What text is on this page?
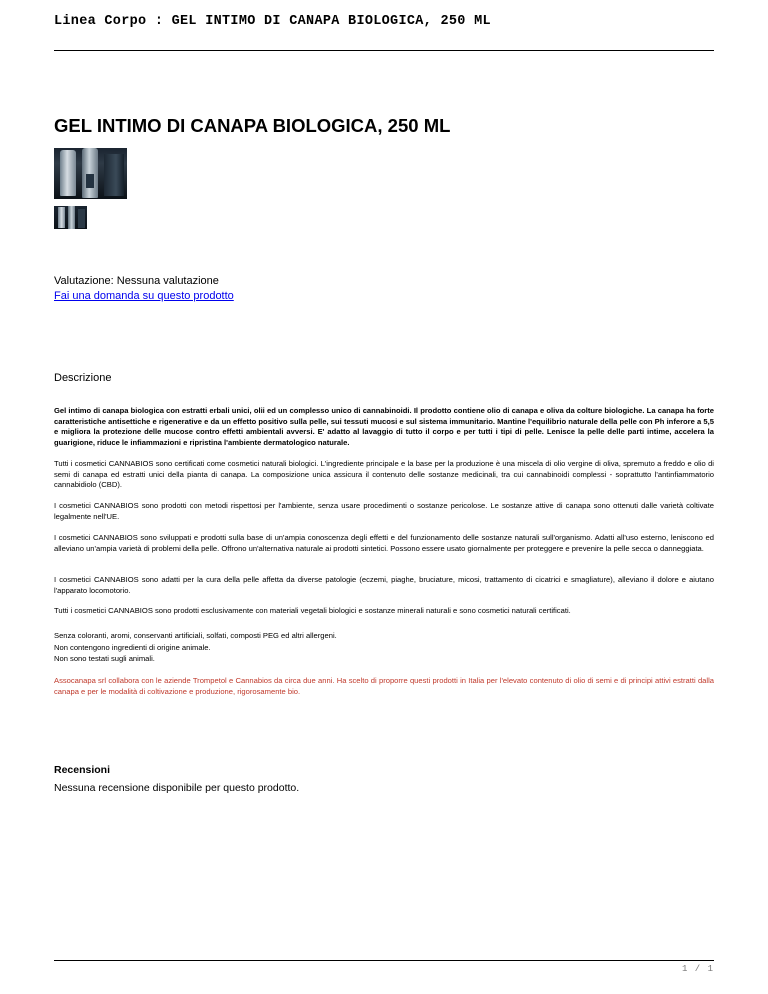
Linea Corpo : GEL INTIMO DI CANAPA BIOLOGICA, 250 ML
GEL INTIMO DI CANAPA BIOLOGICA, 250 ML
Valutazione: Nessuna valutazione
Fai una domanda su questo prodotto
Descrizione

Gel intimo di canapa biologica con estratti erbali unici, olii ed un complesso unico di cannabinoidi. Il prodotto contiene olio di canapa e oliva da colture biologiche. La canapa ha forte caratteristiche antisettiche e rigenerative e da un effetto positivo sulla pelle, sui tessuti mucosi e sul sistema immunitario. Mantine l'equilibrio naturale della pelle con Ph inferore a 5,5 e migliora la protezione delle mucose contro effetti ambientali avversi. E' adatto al lavaggio di tutto il corpo e per tutti i tipi di pelle. Lenisce la pelle delle parti intime, accelera la guarigione, riduce le infiammazioni e ripristina l'ambiente dermatologico naturale.

Tutti i cosmetici CANNABIOS sono certificati come cosmetici naturali biologici. L'ingrediente principale e la base per la produzione è una miscela di olio vergine di oliva, spremuto a freddo e olio di semi di canapa ed estratti unici della pianta di canapa. La composizione unica assicura il contenuto delle sostanze medicinali, tra cui cannabinoidi complessi - soprattutto l'antinfiammatorio cannabidiolo (CBD).

I cosmetici CANNABIOS sono prodotti con metodi rispettosi per l'ambiente, senza usare procedimenti o sostanze pericolose. Le sostanze attive di canapa sono ottenuti dalle varietà coltivate legalmente nell'UE.

I cosmetici CANNABIOS sono sviluppati e prodotti sulla base di un'ampia conoscenza degli effetti e del funzionamento delle sostanze naturali sull'organismo. Adatti all'uso esterno, leniscono ed alleviano un'ampia varietà di problemi della pelle. Offrono un'alternativa naturale ai prodotti sintetici. Possono essere usato giornalmente per proteggere e prevenire la pelle secca o danneggiata.

I cosmetici CANNABIOS sono adatti per la cura della pelle affetta da diverse patologie (eczemi, piaghe, bruciature, micosi, trattamento di cicatrici e smagliature), alleviano il dolore e aiutano l'apparato locomotorio.

Tutti i cosmetici CANNABIOS sono prodotti esclusivamente con materiali vegetali biologici e sostanze minerali naturali e sono cosmetici naturali certificati.

Senza coloranti, aromi, conservanti artificiali, solfati, composti PEG ed altri allergeni.

Non contengono ingredienti di origine animale.

Non sono testati sugli animali.

Assocanapa srl collabora con le aziende Trompetol e Cannabios da circa due anni. Ha scelto di proporre questi prodotti in Italia per l'elevato contenuto di olio di semi e di principi attivi estratti dalla canapa e per le modalità di coltivazione e produzione, rigorosamente bio.

Recensioni
Nessuna recensione disponibile per questo prodotto.
1 / 1
